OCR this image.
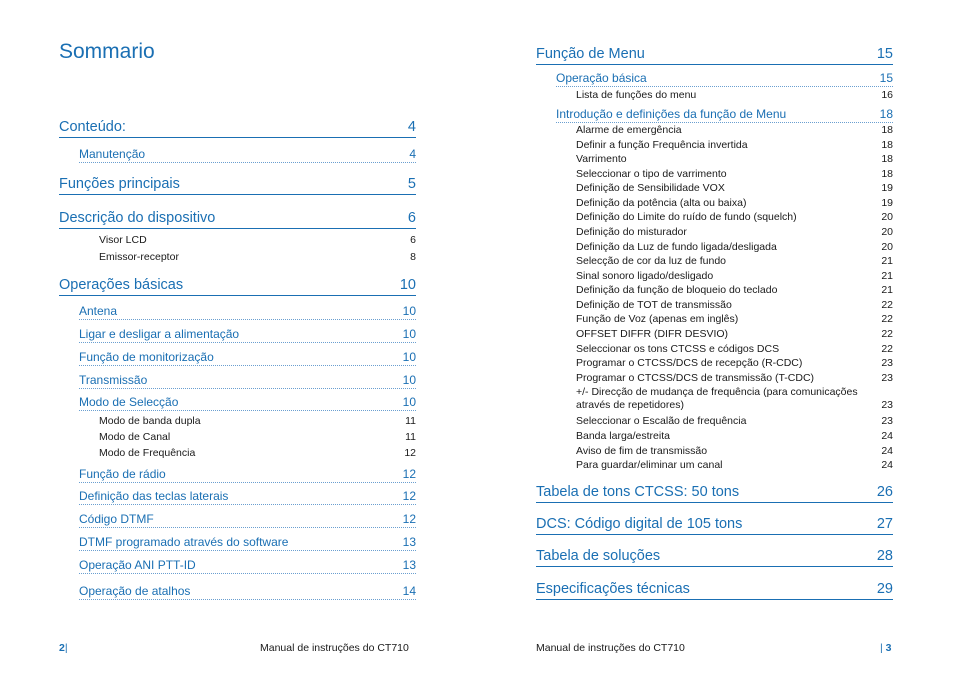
Sommario
Conteúdo:	4
Manutenção	4
Funções principais	5
Descrição do dispositivo	6
Visor LCD	6
Emissor-receptor	8
Operações básicas	10
Antena	10
Ligar e desligar a alimentação	10
Função de monitorização	10
Transmissão	10
Modo de Selecção	10
Modo de banda dupla	11
Modo de Canal	11
Modo de Frequência	12
Função de rádio	12
Definição das teclas laterais	12
Código DTMF	12
DTMF programado através do software	13
Operação ANI PTT-ID	13
Operação de atalhos	14
2|	Manual de instruções do CT710
Função de Menu	15
Operação básica	15
Lista de funções do menu	16
Introdução e definições da função de Menu	18
Alarme de emergência	18
Definir a função Frequência invertida	18
Varrimento	18
Seleccionar o tipo de varrimento	18
Definição de Sensibilidade VOX	19
Definição da potência (alta ou baixa)	19
Definição do Limite do ruído de fundo (squelch)	20
Definição do misturador	20
Definição da Luz de fundo ligada/desligada	20
Selecção de cor da luz de fundo	21
Sinal sonoro ligado/desligado	21
Definição da função de bloqueio do teclado	21
Definição de TOT de transmissão	22
Função de Voz (apenas em inglês)	22
OFFSET DIFFR (DIFR DESVIO)	22
Seleccionar os tons CTCSS e códigos DCS	22
Programar o CTCSS/DCS de recepção (R-CDC)	23
Programar o CTCSS/DCS de transmissão (T-CDC)	23
+/- Direcção de mudança de frequência (para comunicações através de repetidores)	23
Seleccionar o Escalão de frequência	23
Banda larga/estreita	24
Aviso de fim de transmissão	24
Para guardar/eliminar um canal	24
Tabela de tons CTCSS: 50 tons	26
DCS: Código digital de 105 tons	27
Tabela de soluções	28
Especificações técnicas	29
Manual de instruções do CT710	| 3
